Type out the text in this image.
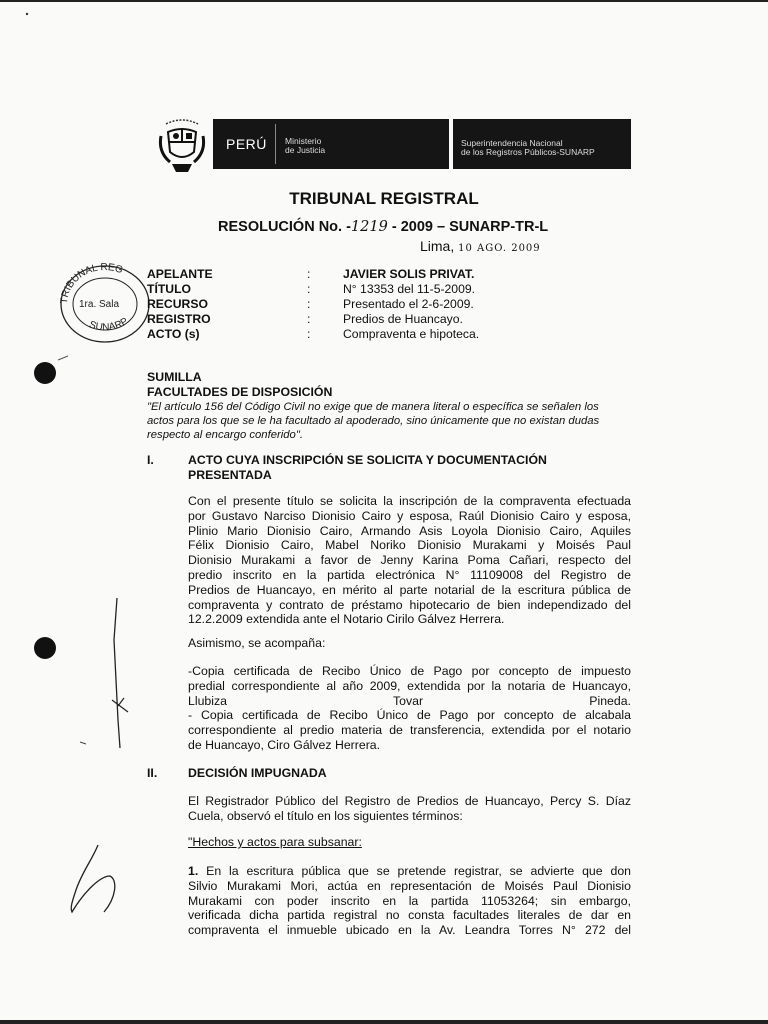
PERÚ Ministerio
de Justicia
Superintendencia Nacional
de los Registros Públicos-SUNARP
TRIBUNAL REGISTRAL
RESOLUCIÓN No. -1219 - 2009 – SUNARP-TR-L
Lima, 10 AGO. 2009
TRIBUNAL REG
SUNARP
1ra. Sala
APELANTE	:	JAVIER SOLIS PRIVAT.
TÍTULO	:	N° 13353 del 11-5-2009.
RECURSO	:	Presentado el 2-6-2009.
REGISTRO	:	Predios de Huancayo.
ACTO (s)	:	Compraventa e hipoteca.
SUMILLA
FACULTADES DE DISPOSICIÓN
"El artículo 156 del Código Civil no exige que de manera literal o específica se señalen los
actos para los que se le ha facultado al apoderado, sino únicamente que no existan dudas
respecto al encargo conferido".
I.	ACTO CUYA INSCRIPCIÓN SE SOLICITA Y DOCUMENTACIÓN
PRESENTADA
Con el presente título se solicita la inscripción de la compraventa efectuada
por Gustavo Narciso Dionisio Cairo y esposa, Raúl Dionisio Cairo y esposa,
Plinio Mario Dionisio Cairo, Armando Asis Loyola Dionisio Cairo, Aquiles
Félix Dionisio Cairo, Mabel Noriko Dionisio Murakami y Moisés Paul
Dionisio Murakami a favor de Jenny Karina Poma Cañari, respecto del
predio inscrito en la partida electrónica N° 11109008 del Registro de
Predios de Huancayo, en mérito al parte notarial de la escritura pública de
compraventa y contrato de préstamo hipotecario de bien independizado del
12.2.2009 extendida ante el Notario Cirilo Gálvez Herrera.
Asimismo, se acompaña:
-Copia certificada de Recibo Único de Pago por concepto de impuesto
predial correspondiente al año 2009, extendida por la notaria de Huancayo,
Llubiza Tovar Pineda.
- Copia certificada de Recibo Único de Pago por concepto de alcabala
correspondiente al predio materia de transferencia, extendida por el notario
de Huancayo, Ciro Gálvez Herrera.
II.	DECISIÓN IMPUGNADA
El Registrador Público del Registro de Predios de Huancayo, Percy S. Díaz
Cuela, observó el título en los siguientes términos:
"Hechos y actos para subsanar:
1. En la escritura pública que se pretende registrar, se advierte que don
Silvio Murakami Mori, actúa en representación de Moisés Paul Dionisio
Murakami con poder inscrito en la partida 11053264; sin embargo,
verificada dicha partida registral no consta facultades literales de dar en
compraventa el inmueble ubicado en la Av. Leandra Torres N° 272 del
